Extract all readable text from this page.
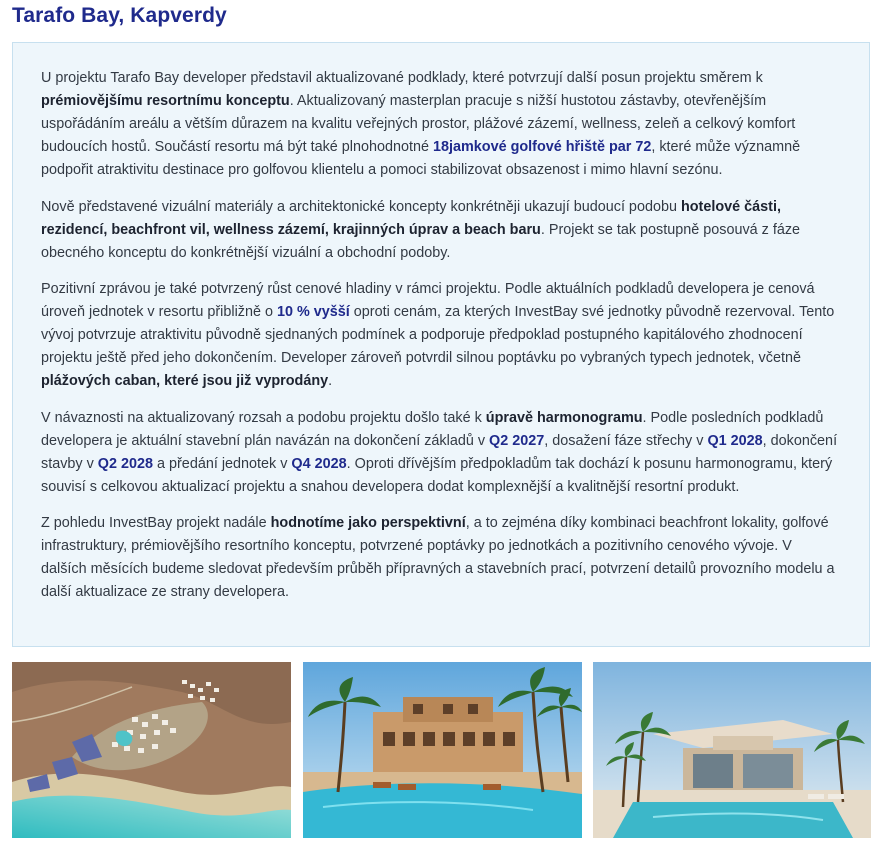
Tarafo Bay, Kapverdy

U projektu Tarafo Bay developer představil aktualizované podklady, které potvrzují další posun projektu směrem k prémiovějšímu resortnímu konceptu. Aktualizovaný masterplan pracuje s nižší hustotou zástavby, otevřenějším uspořádáním areálu a větším důrazem na kvalitu veřejných prostor, plážové zázemí, wellness, zeleň a celkový komfort budoucích hostů. Součástí resortu má být také plnohodnotné 18jamkové golfové hřiště par 72, které může významně podpořit atraktivitu destinace pro golfovou klientelu a pomoci stabilizovat obsazenost i mimo hlavní sezónu.

Nově představené vizuální materiály a architektonické koncepty konkrétněji ukazují budoucí podobu hotelové části, rezidencí, beachfront vil, wellness zázemí, krajinných úprav a beach baru. Projekt se tak postupně posouvá z fáze obecného konceptu do konkrétnější vizuální a obchodní podoby.

Pozitivní zprávou je také potvrzený růst cenové hladiny v rámci projektu. Podle aktuálních podkladů developera je cenová úroveň jednotek v resortu přibližně o 10 % vyšší oproti cenám, za kterých InvestBay své jednotky původně rezervoval. Tento vývoj potvrzuje atraktivitu původně sjednaných podmínek a podporuje předpoklad postupného kapitálového zhodnocení projektu ještě před jeho dokončením. Developer zároveň potvrdil silnou poptávku po vybraných typech jednotek, včetně plážových caban, které jsou již vyprodány.

V návaznosti na aktualizovaný rozsah a podobu projektu došlo také k úpravě harmonogramu. Podle posledních podkladů developera je aktuální stavební plán navázán na dokončení základů v Q2 2027, dosažení fáze střechy v Q1 2028, dokončení stavby v Q2 2028 a předání jednotek v Q4 2028. Oproti dřívějším předpokladům tak dochází k posunu harmonogramu, který souvisí s celkovou aktualizací projektu a snahou developera dodat komplexnější a kvalitnější resortní produkt.

Z pohledu InvestBay projekt nadále hodnotíme jako perspektivní, a to zejména díky kombinaci beachfront lokality, golfové infrastruktury, prémiovějšího resortního konceptu, potvrzené poptávky po jednotkách a pozitivního cenového vývoje. V dalších měsících budeme sledovat především průběh přípravných a stavebních prací, potvrzení detailů provozního modelu a další aktualizace ze strany developera.
